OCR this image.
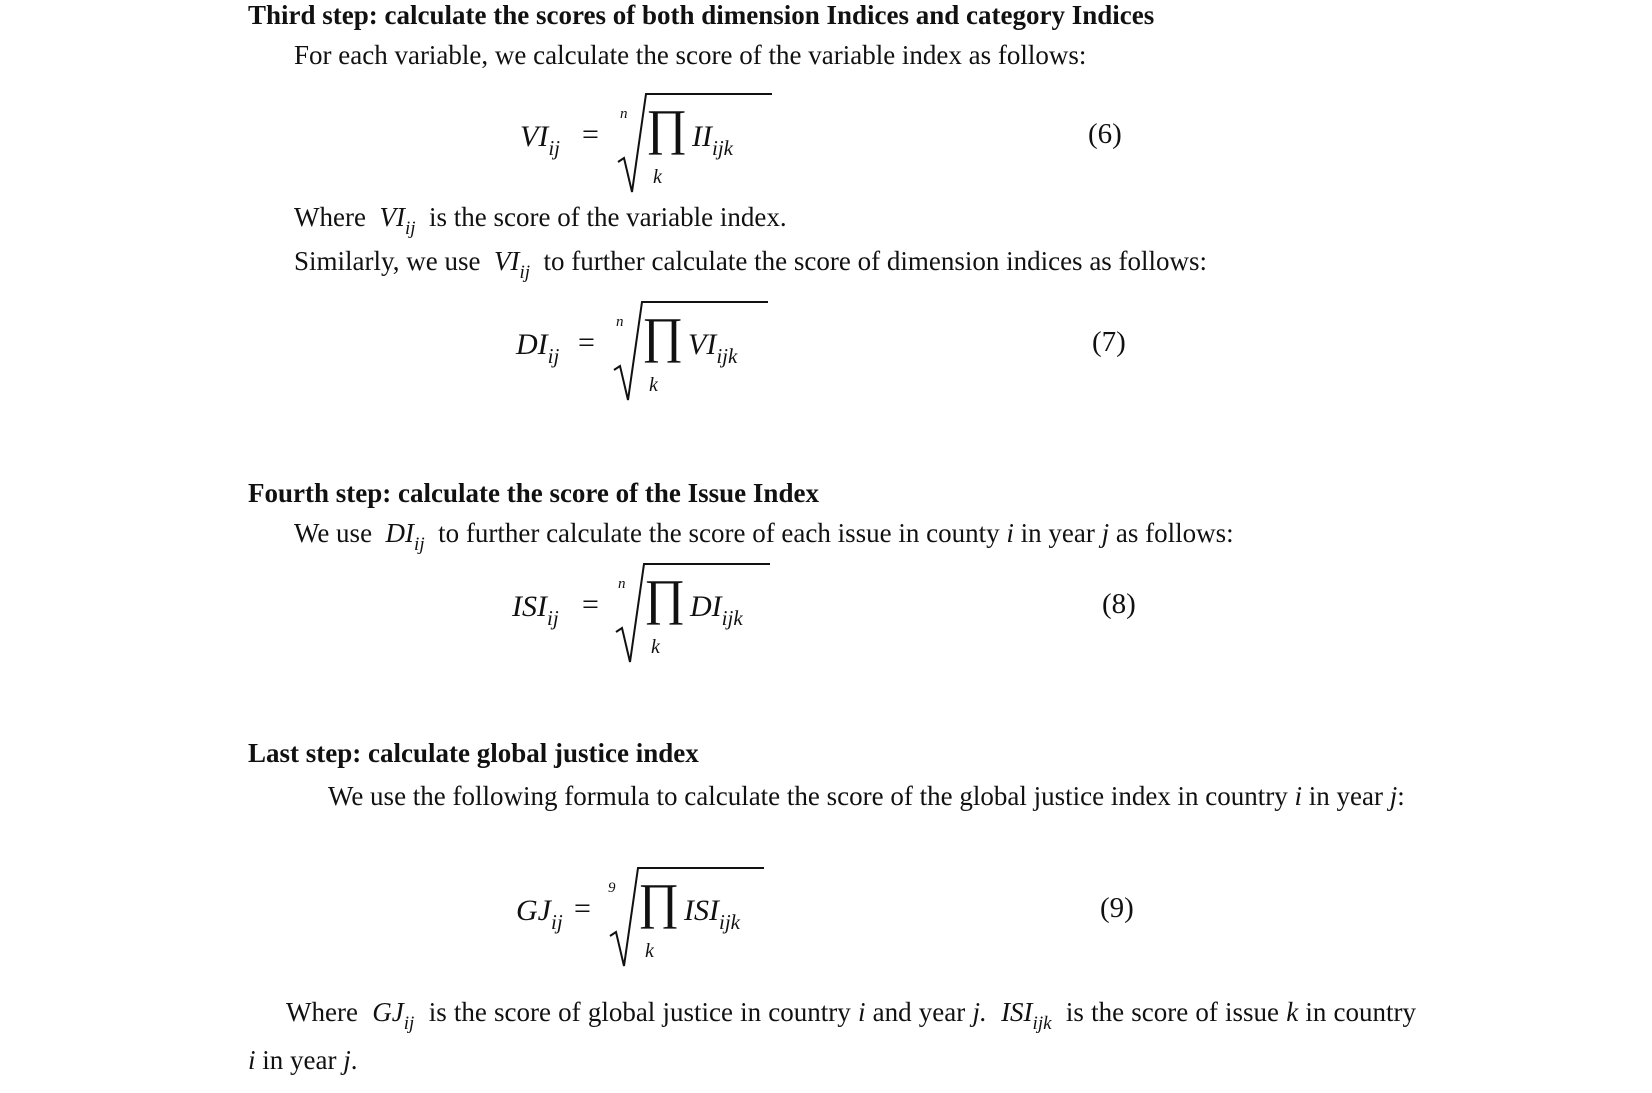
Third step: calculate the scores of both dimension Indices and category Indices
For each variable, we calculate the score of the variable index as follows:
$VI_{ij}$ =
n ∏
k
$II_{ijk}$	(6)
Where $VI_{ij}$ is the score of the variable index.
Similarly, we use $VI_{ij}$ to further calculate the score of dimension indices as follows:
$DI_{ij}$ =
n ∏
k
$VI_{ijk}$	(7)
Fourth step: calculate the score of the Issue Index
We use $DI_{ij}$ to further calculate the score of each issue in county i in year j as follows:
$ISI_{ij}$ =
n ∏
k
$DI_{ijk}$	(8)
Last step: calculate global justice index
We use the following formula to calculate the score of the global justice index in country i in year j:
$GJ_{ij}$ =
9 ∏
k
$ISI_{ijk}$	(9)
Where $GJ_{ij}$ is the score of global justice in country i and year j. $ISI_{ijk}$ is the score of issue k in country i in year j.
